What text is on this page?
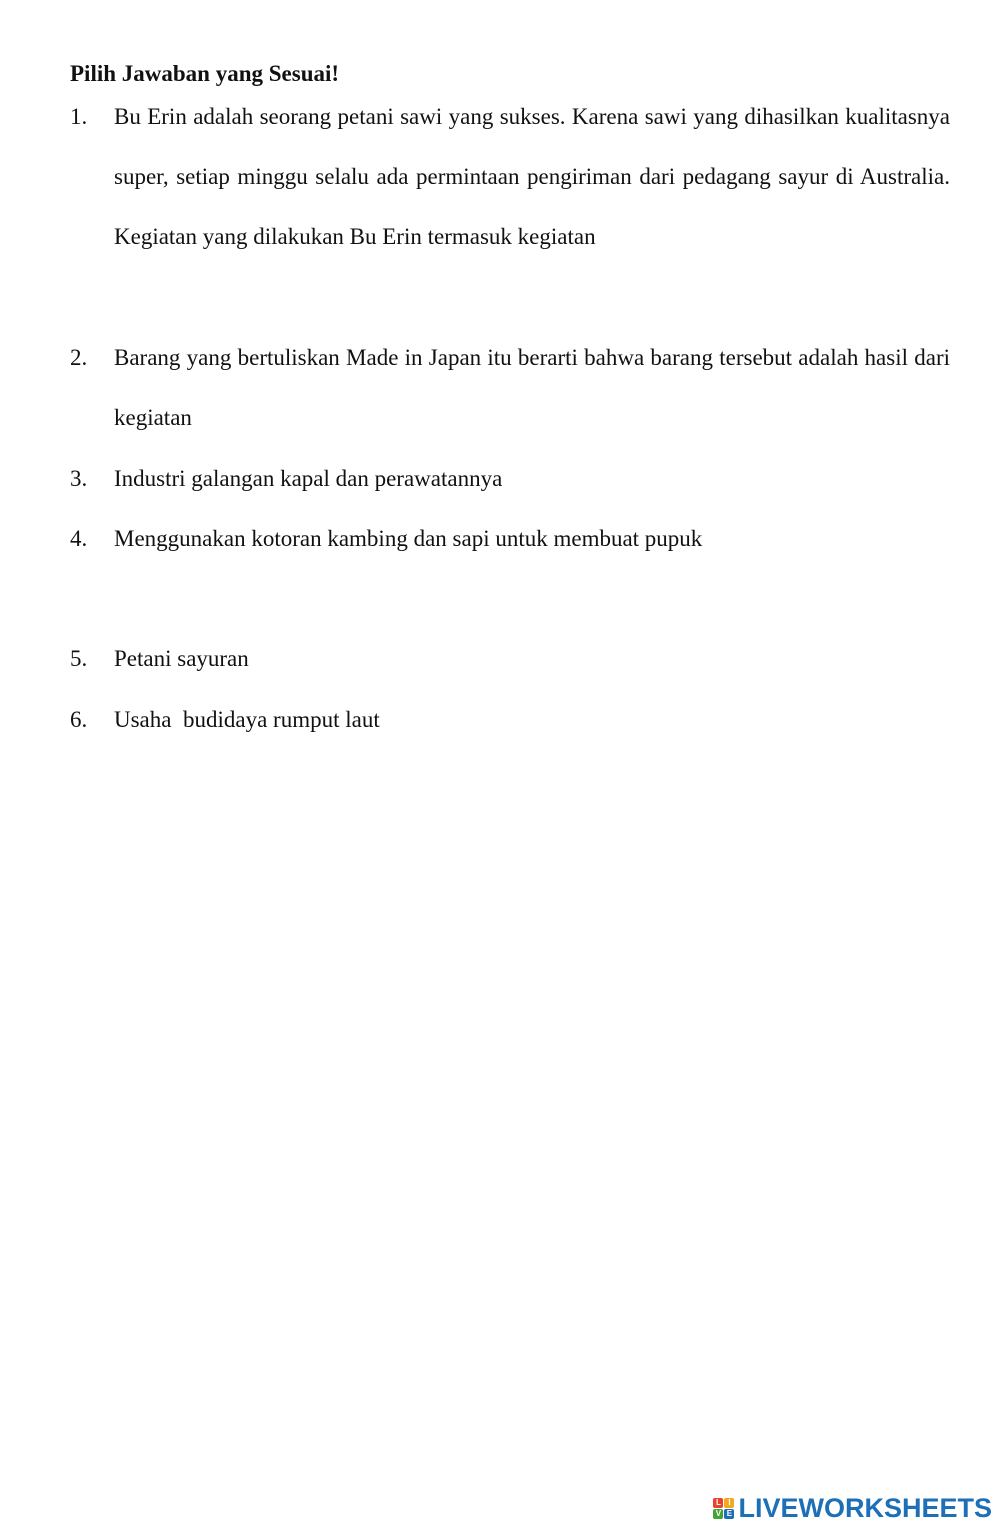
Pilih Jawaban yang Sesuai!

1.	Bu Erin adalah seorang petani sawi yang sukses. Karena sawi yang dihasilkan kualitasnya super, setiap minggu selalu ada permintaan pengiriman dari pedagang sayur di Australia. Kegiatan yang dilakukan Bu Erin termasuk kegiatan
2.	Barang yang bertuliskan Made in Japan itu berarti bahwa barang tersebut adalah hasil dari kegiatan
3.	Industri galangan kapal dan perawatannya
4.	Menggunakan kotoran kambing dan sapi untuk membuat pupuk
5.	Petani sayuran
6.	Usaha  budidaya rumput laut
L I
V E LIVEWORKSHEETS
